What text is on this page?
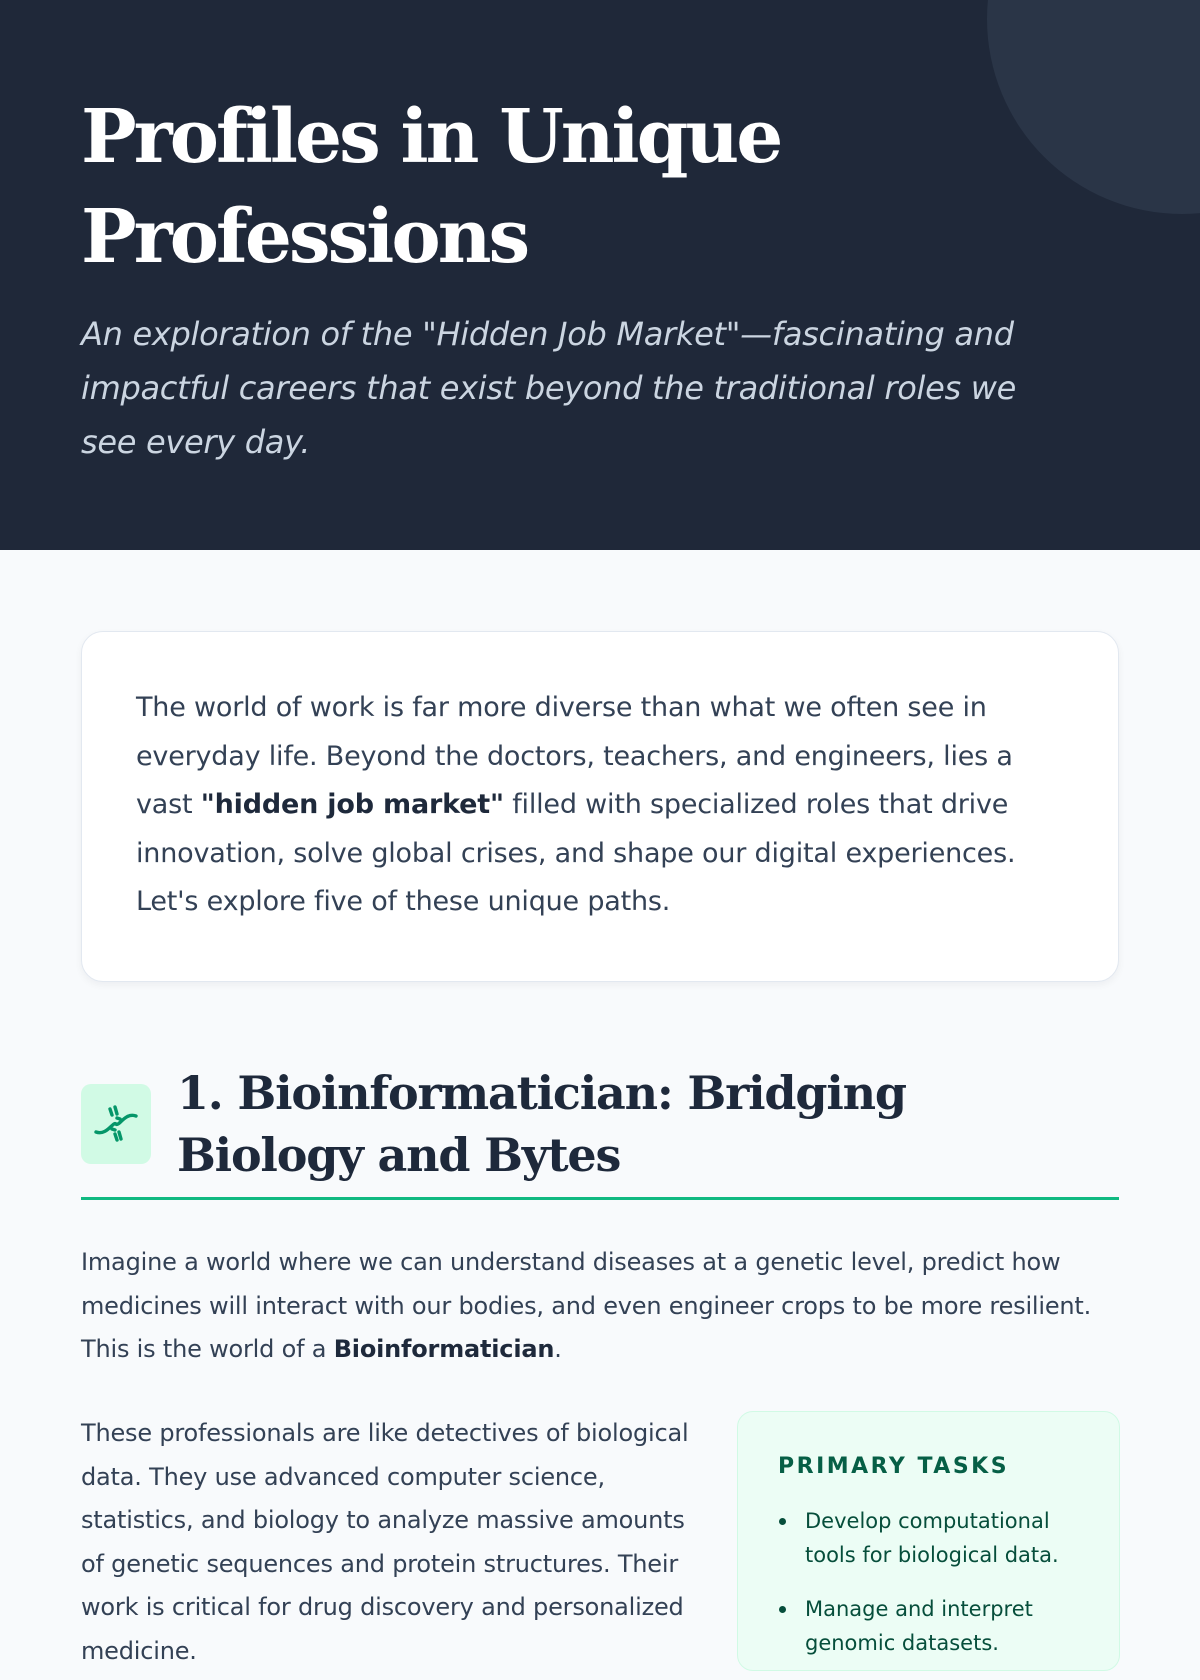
Profiles in Unique Professions

An exploration of the "Hidden Job Market"—fascinating and impactful careers that exist beyond the traditional roles we see every day.

The world of work is far more diverse than what we often see in everyday life. Beyond the doctors, teachers, and engineers, lies a vast "hidden job market" filled with specialized roles that drive innovation, solve global crises, and shape our digital experiences. Let's explore five of these unique paths.

1. Bioinformatician: Bridging Biology and Bytes

Imagine a world where we can understand diseases at a genetic level, predict how medicines will interact with our bodies, and even engineer crops to be more resilient. This is the world of a Bioinformatician.

These professionals are like detectives of biological data. They use advanced computer science, statistics, and biology to analyze massive amounts of genetic sequences and protein structures. Their work is critical for drug discovery and personalized medicine.

PRIMARY TASKS
Develop computational tools for biological data.
Manage and interpret genomic datasets.
